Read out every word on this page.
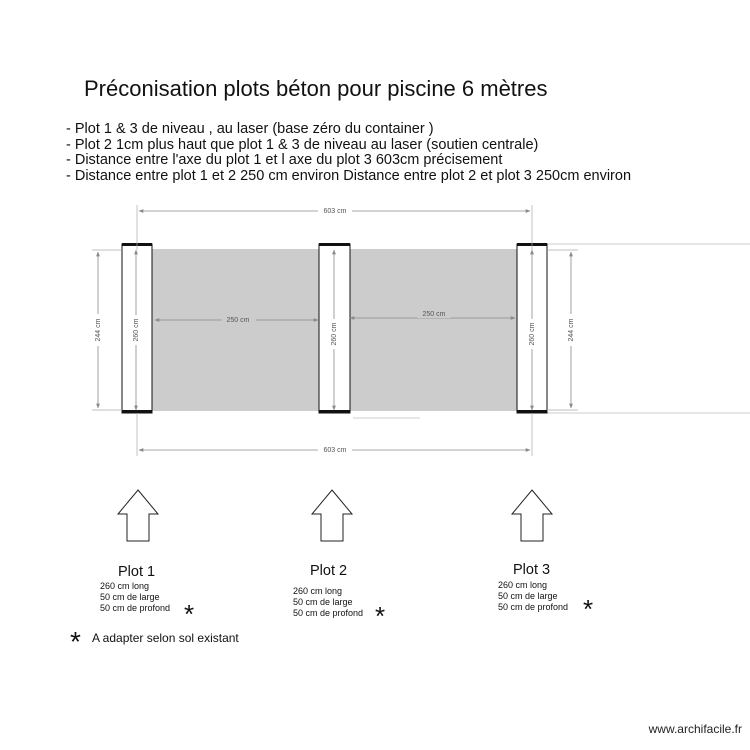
Préconisation plots béton pour piscine 6 mètres
- Plot 1 & 3 de niveau , au laser (base zéro du container )
- Plot 2 1cm plus haut que plot 1 & 3 de niveau au laser (soutien centrale)
- Distance entre l'axe du plot 1 et l axe du plot 3 603cm précisement
- Distance entre plot 1 et 2 250 cm environ Distance entre plot 2 et plot 3 250cm environ
603 cm
603 cm
250 cm
250 cm
244 cm	244 cm
260 cm	260 cm	260 cm
Plot 1
260 cm long
50 cm de large
50 cm de profond *
Plot 2
260 cm long
50 cm de large
50 cm de profond *
Plot 3
260 cm long
50 cm de large
50 cm de profond *
* A adapter selon sol existant
www.archifacile.fr
